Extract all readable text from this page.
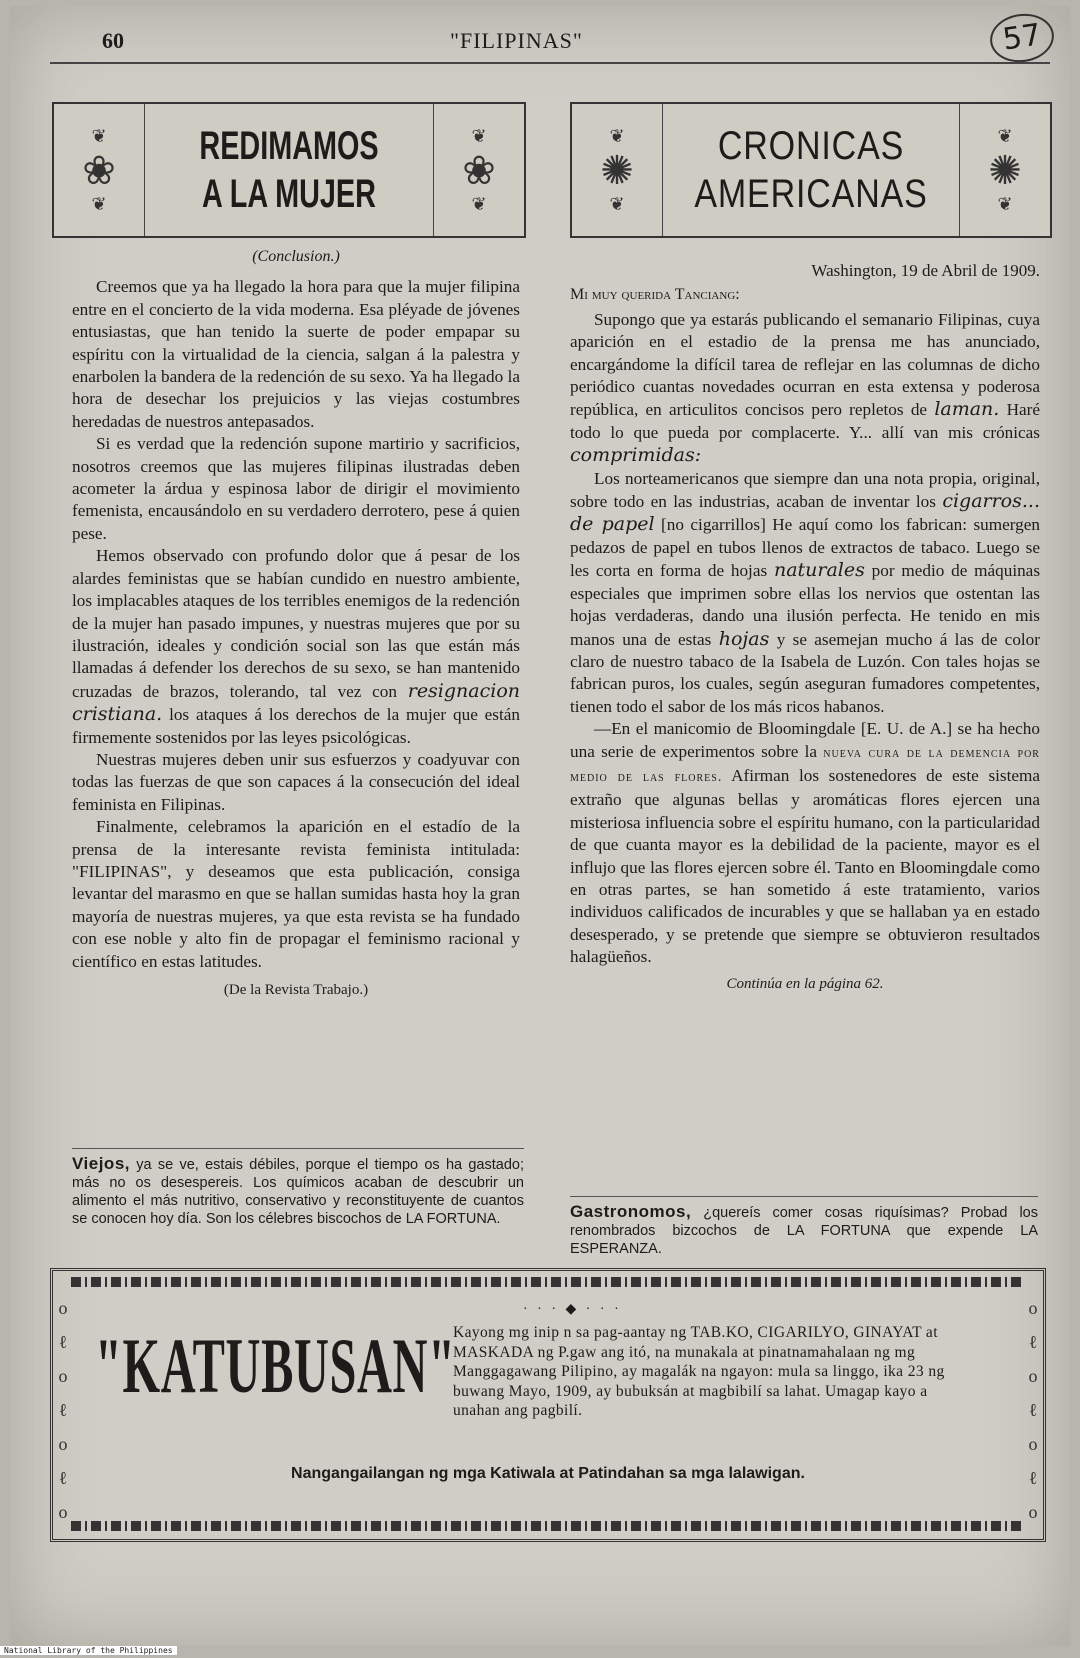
60	"FILIPINAS"	57
❦
❀
❦
REDIMAMOS
A LA MUJER
❦
❀
❦
❦
✺
❦
CRONICAS
AMERICANAS
❦
✺
❦
(Conclusion.)

Creemos que ya ha llegado la hora para que la mujer filipina entre en el concierto de la vida moderna. Esa pléyade de jóvenes entusiastas, que han tenido la suerte de poder empapar su espíritu con la virtualidad de la ciencia, salgan á la palestra y enarbolen la bandera de la redención de su sexo. Ya ha llegado la hora de desechar los prejuicios y las viejas costumbres heredadas de nuestros antepasados.

Si es verdad que la redención supone martirio y sacrificios, nosotros creemos que las mujeres filipinas ilustradas deben acometer la árdua y espinosa labor de dirigir el movimiento femenista, encausándolo en su verdadero derrotero, pese á quien pese.

Hemos observado con profundo dolor que á pesar de los alardes feministas que se habían cundido en nuestro ambiente, los implacables ataques de los terribles enemigos de la redención de la mujer han pasado impunes, y nuestras mujeres que por su ilustración, ideales y condición social son las que están más llamadas á defender los derechos de su sexo, se han mantenido cruzadas de brazos, tolerando, tal vez con resignacion cristiana. los ataques á los derechos de la mujer que están firmemente sostenidos por las leyes psicológicas.

Nuestras mujeres deben unir sus esfuerzos y coadyuvar con todas las fuerzas de que son capaces á la consecución del ideal feminista en Filipinas.

Finalmente, celebramos la aparición en el estadío de la prensa de la interesante revista feminista intitulada: "FILIPINAS", y deseamos que esta publicación, consiga levantar del marasmo en que se hallan sumidas hasta hoy la gran mayoría de nuestras mujeres, ya que esta revista se ha fundado con ese noble y alto fin de propagar el feminismo racional y científico en estas latitudes.

(De la Revista Trabajo.)
Washington, 19 de Abril de 1909.
Mi muy querida Tanciang:

Supongo que ya estarás publicando el semanario Filipinas, cuya aparición en el estadio de la prensa me has anunciado, encargándome la difícil tarea de reflejar en las columnas de dicho periódico cuantas novedades ocurran en esta extensa y poderosa república, en articulitos concisos pero repletos de laman. Haré todo lo que pueda por complacerte. Y... allí van mis crónicas comprimidas:

Los norteamericanos que siempre dan una nota propia, original, sobre todo en las industrias, acaban de inventar los cigarros... de papel [no cigarrillos] He aquí como los fabrican: sumergen pedazos de papel en tubos llenos de extractos de tabaco. Luego se les corta en forma de hojas naturales por medio de máquinas especiales que imprimen sobre ellas los nervios que ostentan las hojas verdaderas, dando una ilusión perfecta. He tenido en mis manos una de estas hojas y se asemejan mucho á las de color claro de nuestro tabaco de la Isabela de Luzón. Con tales hojas se fabrican puros, los cuales, según aseguran fumadores competentes, tienen todo el sabor de los más ricos habanos.

—En el manicomio de Bloomingdale [E. U. de A.] se ha hecho una serie de experimentos sobre la nueva cura de la demencia por medio de las flores. Afirman los sostenedores de este sistema extraño que algunas bellas y aromáticas flores ejercen una misteriosa influencia sobre el espíritu humano, con la particularidad de que cuanta mayor es la debilidad de la paciente, mayor es el influjo que las flores ejercen sobre él. Tanto en Bloomingdale como en otras partes, se han sometido á este tratamiento, varios individuos calificados de incurables y que se hallaban ya en estado desesperado, y se pretende que siempre se obtuvieron resultados halagüeños.

Continúa en la página 62.
Viejos, ya se ve, estais débiles, porque el tiempo os ha gastado; más no os desespereis. Los químicos acaban de descubrir un alimento el más nutritivo, conservativo y reconstituyente de cuantos se conocen hoy día. Son los célebres biscochos de LA FORTUNA.	Gastronomos, ¿quereís comer cosas riquísimas? Probad los renombrados bizcochos de LA FORTUNA que expende LA ESPERANZA.
o
ℓ
o
ℓ
o
ℓ
o
o
ℓ
o
ℓ
o
ℓ
o
· · · ◆ · · ·
"KATUBUSAN"
Kayong mg inip n sa pag-aantay ng TAB.KO, CIGARILYO, GINAYAT at MASKADA ng P.gaw ang itó, na munakala at pinatnamahalaan ng mg Manggagawang Pilipino, ay magalák na ngayon: mula sa linggo, ika 23 ng buwang Mayo, 1909, ay bubuksán at magbibilí sa lahat. Umagap kayo a unahan ang pagbilí.
Nangangailangan ng mga Katiwala at Patindahan sa mga lalawigan.
National Library of the Philippines
